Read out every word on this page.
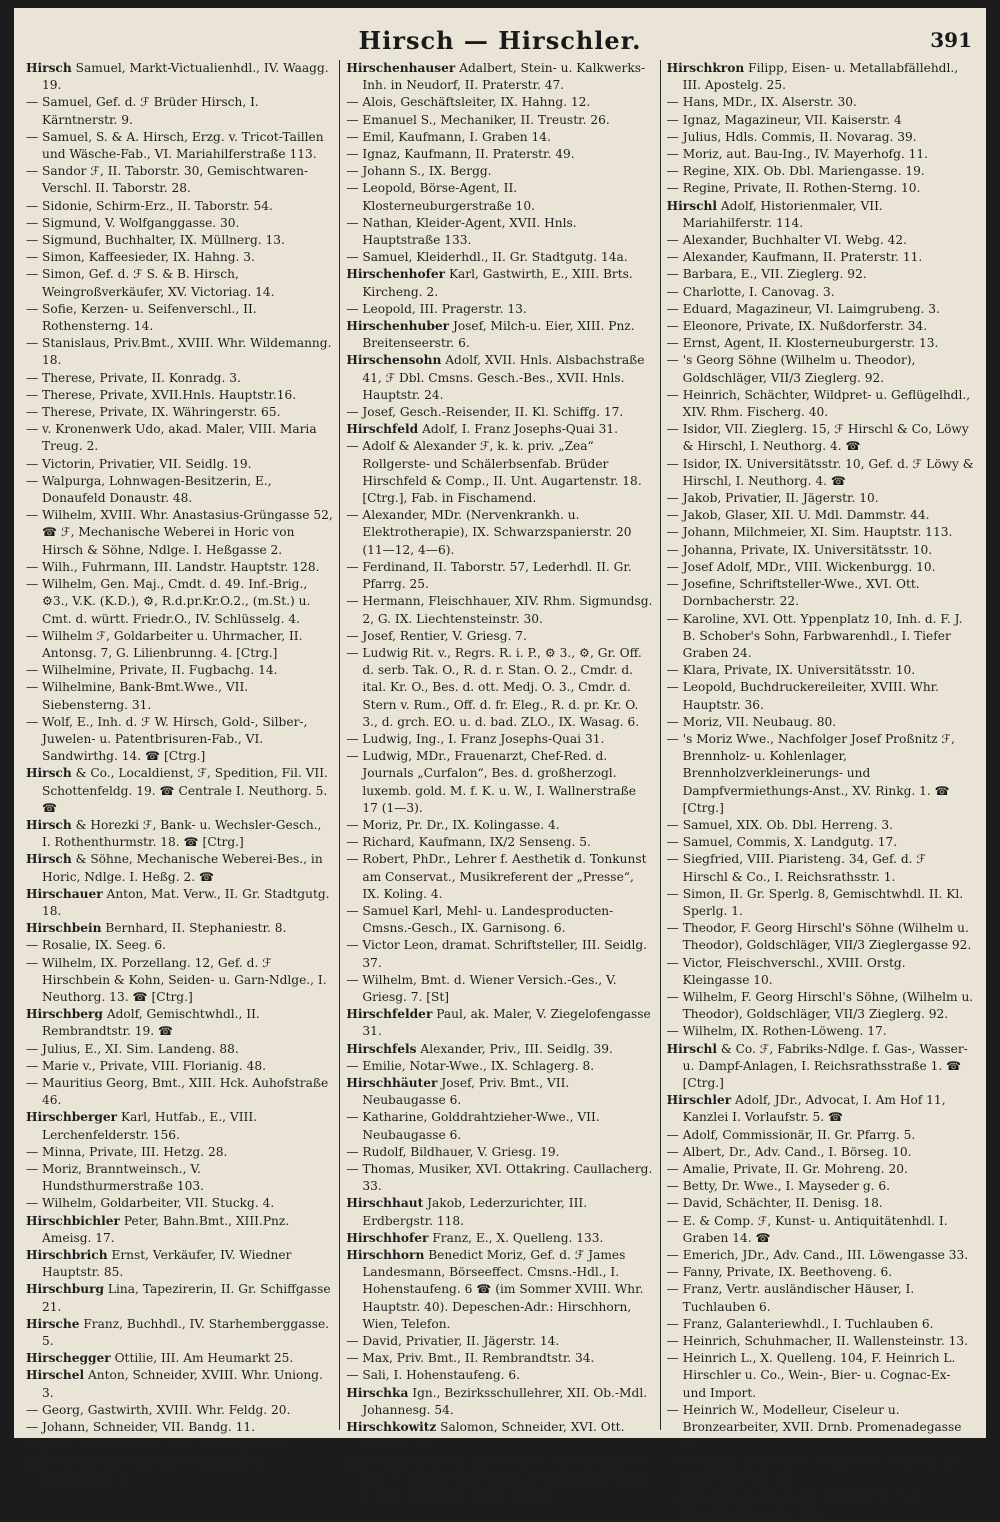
Hirsch — Hirschler.	391

Hirsch Samuel, Markt-Victualienhdl., IV. Waagg. 19.

— Samuel, Gef. d. ℱ Brüder Hirsch, I. Kärntnerstr. 9.

— Samuel, S. & A. Hirsch, Erzg. v. Tricot-Taillen und Wäsche-Fab., VI. Mariahilferstraße 113.

— Sandor ℱ, II. Taborstr. 30, Gemischtwaren-Verschl. II. Taborstr. 28.

— Sidonie, Schirm-Erz., II. Taborstr. 54.

— Sigmund, V. Wolfganggasse. 30.

— Sigmund, Buchhalter, IX. Müllnerg. 13.

— Simon, Kaffeesieder, IX. Hahng. 3.

— Simon, Gef. d. ℱ S. & B. Hirsch, Weingroßverkäufer, XV. Victoriag. 14.

— Sofie, Kerzen- u. Seifenverschl., II. Rothensterng. 14.

— Stanislaus, Priv.Bmt., XVIII. Whr. Wildemanng. 18.

— Therese, Private, II. Konradg. 3.

— Therese, Private, XVII.Hnls. Hauptstr.16.

— Therese, Private, IX. Währingerstr. 65.

— v. Kronenwerk Udo, akad. Maler, VIII. Maria Treug. 2.

— Victorin, Privatier, VII. Seidlg. 19.

— Walpurga, Lohnwagen-Besitzerin, E., Donaufeld Donaustr. 48.

— Wilhelm, XVIII. Whr. Anastasius-Grüngasse 52, ☎ ℱ, Mechanische Weberei in Horic von Hirsch & Söhne, Ndlge. I. Heßgasse 2.

— Wilh., Fuhrmann, III. Landstr. Hauptstr. 128.

— Wilhelm, Gen. Maj., Cmdt. d. 49. Inf.-Brig., ⚙3., V.K. (K.D.), ⚙, R.d.pr.Kr.O.2., (m.St.) u. Cmt. d. württ. Friedr.O., IV. Schlüsselg. 4.

— Wilhelm ℱ, Goldarbeiter u. Uhrmacher, II. Antonsg. 7, G. Lilienbrunng. 4. [Ctrg.]

— Wilhelmine, Private, II. Fugbachg. 14.

— Wilhelmine, Bank-Bmt.Wwe., VII. Siebensterng. 31.

— Wolf, E., Inh. d. ℱ W. Hirsch, Gold-, Silber-, Juwelen- u. Patentbrisuren-Fab., VI. Sandwirthg. 14. ☎ [Ctrg.]

Hirsch & Co., Localdienst, ℱ, Spedition, Fil. VII. Schottenfeldg. 19. ☎ Centrale I. Neuthorg. 5. ☎

Hirsch & Horezki ℱ, Bank- u. Wechsler-Gesch., I. Rothenthurmstr. 18. ☎ [Ctrg.]

Hirsch & Söhne, Mechanische Weberei-Bes., in Horic, Ndlge. I. Heßg. 2. ☎

Hirschauer Anton, Mat. Verw., II. Gr. Stadtgutg. 18.

Hirschbein Bernhard, II. Stephaniestr. 8.

— Rosalie, IX. Seeg. 6.

— Wilhelm, IX. Porzellang. 12, Gef. d. ℱ Hirschbein & Kohn, Seiden- u. Garn-Ndlge., I. Neuthorg. 13. ☎ [Ctrg.]

Hirschberg Adolf, Gemischtwhdl., II. Rembrandtstr. 19. ☎

— Julius, E., XI. Sim. Landeng. 88.

— Marie v., Private, VIII. Florianig. 48.

— Mauritius Georg, Bmt., XIII. Hck. Auhofstraße 46.

Hirschberger Karl, Hutfab., E., VIII. Lerchenfelderstr. 156.

— Minna, Private, III. Hetzg. 28.

— Moriz, Branntweinsch., V. Hundsthurmerstraße 103.

— Wilhelm, Goldarbeiter, VII. Stuckg. 4.

Hirschbichler Peter, Bahn.Bmt., XIII.Pnz. Ameisg. 17.

Hirschbrich Ernst, Verkäufer, IV. Wiedner Hauptstr. 85.

Hirschburg Lina, Tapezirerin, II. Gr. Schiffgasse 21.

Hirsche Franz, Buchhdl., IV. Starhemberggasse. 5.

Hirschegger Ottilie, III. Am Heumarkt 25.

Hirschel Anton, Schneider, XVIII. Whr. Uniong. 3.

— Georg, Gastwirth, XVIII. Whr. Feldg. 20.

— Johann, Schneider, VII. Bandg. 11.

— Josef, Milchverschl., VIII. Albertplatz 8.

Hirschenbein Wilhelm, Kaufmann, III. Pfefferhofg. 4.

Hirschenhauser Adalbert, Stein- u. Kalkwerks-Inh. in Neudorf, II. Praterstr. 47.

— Alois, Geschäftsleiter, IX. Hahng. 12.

— Emanuel S., Mechaniker, II. Treustr. 26.

— Emil, Kaufmann, I. Graben 14.

— Ignaz, Kaufmann, II. Praterstr. 49.

— Johann S., IX. Bergg.

— Leopold, Börse-Agent, II. Klosterneuburgerstraße 10.

— Nathan, Kleider-Agent, XVII. Hnls. Hauptstraße 133.

— Samuel, Kleiderhdl., II. Gr. Stadtgutg. 14a.

Hirschenhofer Karl, Gastwirth, E., XIII. Brts. Kircheng. 2.

— Leopold, III. Pragerstr. 13.

Hirschenhuber Josef, Milch-u. Eier, XIII. Pnz. Breitenseerstr. 6.

Hirschensohn Adolf, XVII. Hnls. Alsbachstraße 41, ℱ Dbl. Cmsns. Gesch.-Bes., XVII. Hnls. Hauptstr. 24.

— Josef, Gesch.-Reisender, II. Kl. Schiffg. 17.

Hirschfeld Adolf, I. Franz Josephs-Quai 31.

— Adolf & Alexander ℱ, k. k. priv. „Zea“ Rollgerste- und Schälerbsenfab. Brüder Hirschfeld & Comp., II. Unt. Augartenstr. 18. [Ctrg.], Fab. in Fischamend.

— Alexander, MDr. (Nervenkrankh. u. Elektrotherapie), IX. Schwarzspanierstr. 20 (11—12, 4—6).

— Ferdinand, II. Taborstr. 57, Lederhdl. II. Gr. Pfarrg. 25.

— Hermann, Fleischhauer, XIV. Rhm. Sigmundsg. 2, G. IX. Liechtensteinstr. 30.

— Josef, Rentier, V. Griesg. 7.

— Ludwig Rit. v., Regrs. R. i. P., ⚙ 3., ⚙, Gr. Off. d. serb. Tak. O., R. d. r. Stan. O. 2., Cmdr. d. ital. Kr. O., Bes. d. ott. Medj. O. 3., Cmdr. d. Stern v. Rum., Off. d. fr. Eleg., R. d. pr. Kr. O. 3., d. grch. EO. u. d. bad. ZLO., IX. Wasag. 6.

— Ludwig, Ing., I. Franz Josephs-Quai 31.

— Ludwig, MDr., Frauenarzt, Chef-Red. d. Journals „Curfalon“, Bes. d. großherzogl. luxemb. gold. M. f. K. u. W., I. Wallnerstraße 17 (1—3).

— Moriz, Pr. Dr., IX. Kolingasse. 4.

— Richard, Kaufmann, IX/2 Senseng. 5.

— Robert, PhDr., Lehrer f. Aesthetik d. Tonkunst am Conservat., Musikreferent der „Presse“, IX. Koling. 4.

— Samuel Karl, Mehl- u. Landesproducten-Cmsns.-Gesch., IX. Garnisong. 6.

— Victor Leon, dramat. Schriftsteller, III. Seidlg. 37.

— Wilhelm, Bmt. d. Wiener Versich.-Ges., V. Griesg. 7. [St]

Hirschfelder Paul, ak. Maler, V. Ziegelofengasse 31.

Hirschfels Alexander, Priv., III. Seidlg. 39.

— Emilie, Notar-Wwe., IX. Schlagerg. 8.

Hirschhäuter Josef, Priv. Bmt., VII. Neubaugasse 6.

— Katharine, Golddrahtzieher-Wwe., VII. Neubaugasse 6.

— Rudolf, Bildhauer, V. Griesg. 19.

— Thomas, Musiker, XVI. Ottakring. Caullacherg. 33.

Hirschhaut Jakob, Lederzurichter, III. Erdbergstr. 118.

Hirschhofer Franz, E., X. Quelleng. 133.

Hirschhorn Benedict Moriz, Gef. d. ℱ James Landesmann, Börseeffect. Cmsns.-Hdl., I. Hohenstaufeng. 6 ☎ (im Sommer XVIII. Whr. Hauptstr. 40). Depeschen-Adr.: Hirschhorn, Wien, Telefon.

— David, Privatier, II. Jägerstr. 14.

— Max, Priv. Bmt., II. Rembrandtstr. 34.

— Sali, I. Hohenstaufeng. 6.

Hirschka Ign., Bezirksschullehrer, XII. Ob.-Mdl. Johannesg. 54.

Hirschkowitz Salomon, Schneider, XVI. Ott. Huberg. 14.

Hirschkron Anton, XIX. Ob.Dbl. Hirschengasse 40a, ℱ Brüder Hirschkron Seidentücher-Lager, I. Marc Aurelstr. 10. ☎ [Ctrg.]

Hirschkron Filipp, Eisen- u. Metallabfällehdl., III. Apostelg. 25.

— Hans, MDr., IX. Alserstr. 30.

— Ignaz, Magazineur, VII. Kaiserstr. 4

— Julius, Hdls. Commis, II. Novarag. 39.

— Moriz, aut. Bau-Ing., IV. Mayerhofg. 11.

— Regine, XIX. Ob. Dbl. Mariengasse. 19.

— Regine, Private, II. Rothen-Sterng. 10.

Hirschl Adolf, Historienmaler, VII. Mariahilferstr. 114.

— Alexander, Buchhalter VI. Webg. 42.

— Alexander, Kaufmann, II. Praterstr. 11.

— Barbara, E., VII. Zieglerg. 92.

— Charlotte, I. Canovag. 3.

— Eduard, Magazineur, VI. Laimgrubeng. 3.

— Eleonore, Private, IX. Nußdorferstr. 34.

— Ernst, Agent, II. Klosterneuburgerstr. 13.

— 's Georg Söhne (Wilhelm u. Theodor), Goldschläger, VII/3 Zieglerg. 92.

— Heinrich, Schächter, Wildpret- u. Geflügelhdl., XIV. Rhm. Fischerg. 40.

— Isidor, VII. Zieglerg. 15, ℱ Hirschl & Co, Löwy & Hirschl, I. Neuthorg. 4. ☎

— Isidor, IX. Universitätsstr. 10, Gef. d. ℱ Löwy & Hirschl, I. Neuthorg. 4. ☎

— Jakob, Privatier, II. Jägerstr. 10.

— Jakob, Glaser, XII. U. Mdl. Dammstr. 44.

— Johann, Milchmeier, XI. Sim. Hauptstr. 113.

— Johanna, Private, IX. Universitätsstr. 10.

— Josef Adolf, MDr., VIII. Wickenburgg. 10.

— Josefine, Schriftsteller-Wwe., XVI. Ott. Dornbacherstr. 22.

— Karoline, XVI. Ott. Yppenplatz 10, Inh. d. F. J. B. Schober's Sohn, Farbwarenhdl., I. Tiefer Graben 24.

— Klara, Private, IX. Universitätsstr. 10.

— Leopold, Buchdruckereileiter, XVIII. Whr. Hauptstr. 36.

— Moriz, VII. Neubaug. 80.

— 's Moriz Wwe., Nachfolger Josef Proßnitz ℱ, Brennholz- u. Kohlenlager, Brennholzverkleinerungs- und Dampfvermiethungs-Anst., XV. Rinkg. 1. ☎ [Ctrg.]

— Samuel, XIX. Ob. Dbl. Herreng. 3.

— Samuel, Commis, X. Landgutg. 17.

— Siegfried, VIII. Piaristeng. 34, Gef. d. ℱ Hirschl & Co., I. Reichsrathsstr. 1.

— Simon, II. Gr. Sperlg. 8, Gemischtwhdl. II. Kl. Sperlg. 1.

— Theodor, F. Georg Hirschl's Söhne (Wilhelm u. Theodor), Goldschläger, VII/3 Zieglergasse 92.

— Victor, Fleischverschl., XVIII. Orstg. Kleingasse 10.

— Wilhelm, F. Georg Hirschl's Söhne, (Wilhelm u. Theodor), Goldschläger, VII/3 Zieglerg. 92.

— Wilhelm, IX. Rothen-Löweng. 17.

Hirschl & Co. ℱ, Fabriks-Ndlge. f. Gas-, Wasser- u. Dampf-Anlagen, I. Reichsrathsstraße 1. ☎ [Ctrg.]

Hirschler Adolf, JDr., Advocat, I. Am Hof 11, Kanzlei I. Vorlaufstr. 5. ☎

— Adolf, Commissionär, II. Gr. Pfarrg. 5.

— Albert, Dr., Adv. Cand., I. Börseg. 10.

— Amalie, Private, II. Gr. Mohreng. 20.

— Betty, Dr. Wwe., I. Mayseder g. 6.

— David, Schächter, II. Denisg. 18.

— E. & Comp. ℱ, Kunst- u. Antiquitätenhdl. I. Graben 14. ☎

— Emerich, JDr., Adv. Cand., III. Löwengasse 33.

— Fanny, Private, IX. Beethoveng. 6.

— Franz, Vertr. ausländischer Häuser, I. Tuchlauben 6.

— Franz, Galanteriewhdl., I. Tuchlauben 6.

— Heinrich, Schuhmacher, II. Wallensteinstr. 13.

— Heinrich L., X. Quelleng. 104, F. Heinrich L. Hirschler u. Co., Wein-, Bier- u. Cognac-Ex- und Import.

— Heinrich W., Modelleur, Ciseleur u. Bronzearbeiter, XVII. Drnb. Promenadegasse 44.

— Hermann (Karoline), Gemischtw. Verschl., II. Lichtenauerg. 12.

— Ignaz, Fleischhauer, V. Diehlg. 52, G. V. Hundsthurmerstr. 143.
